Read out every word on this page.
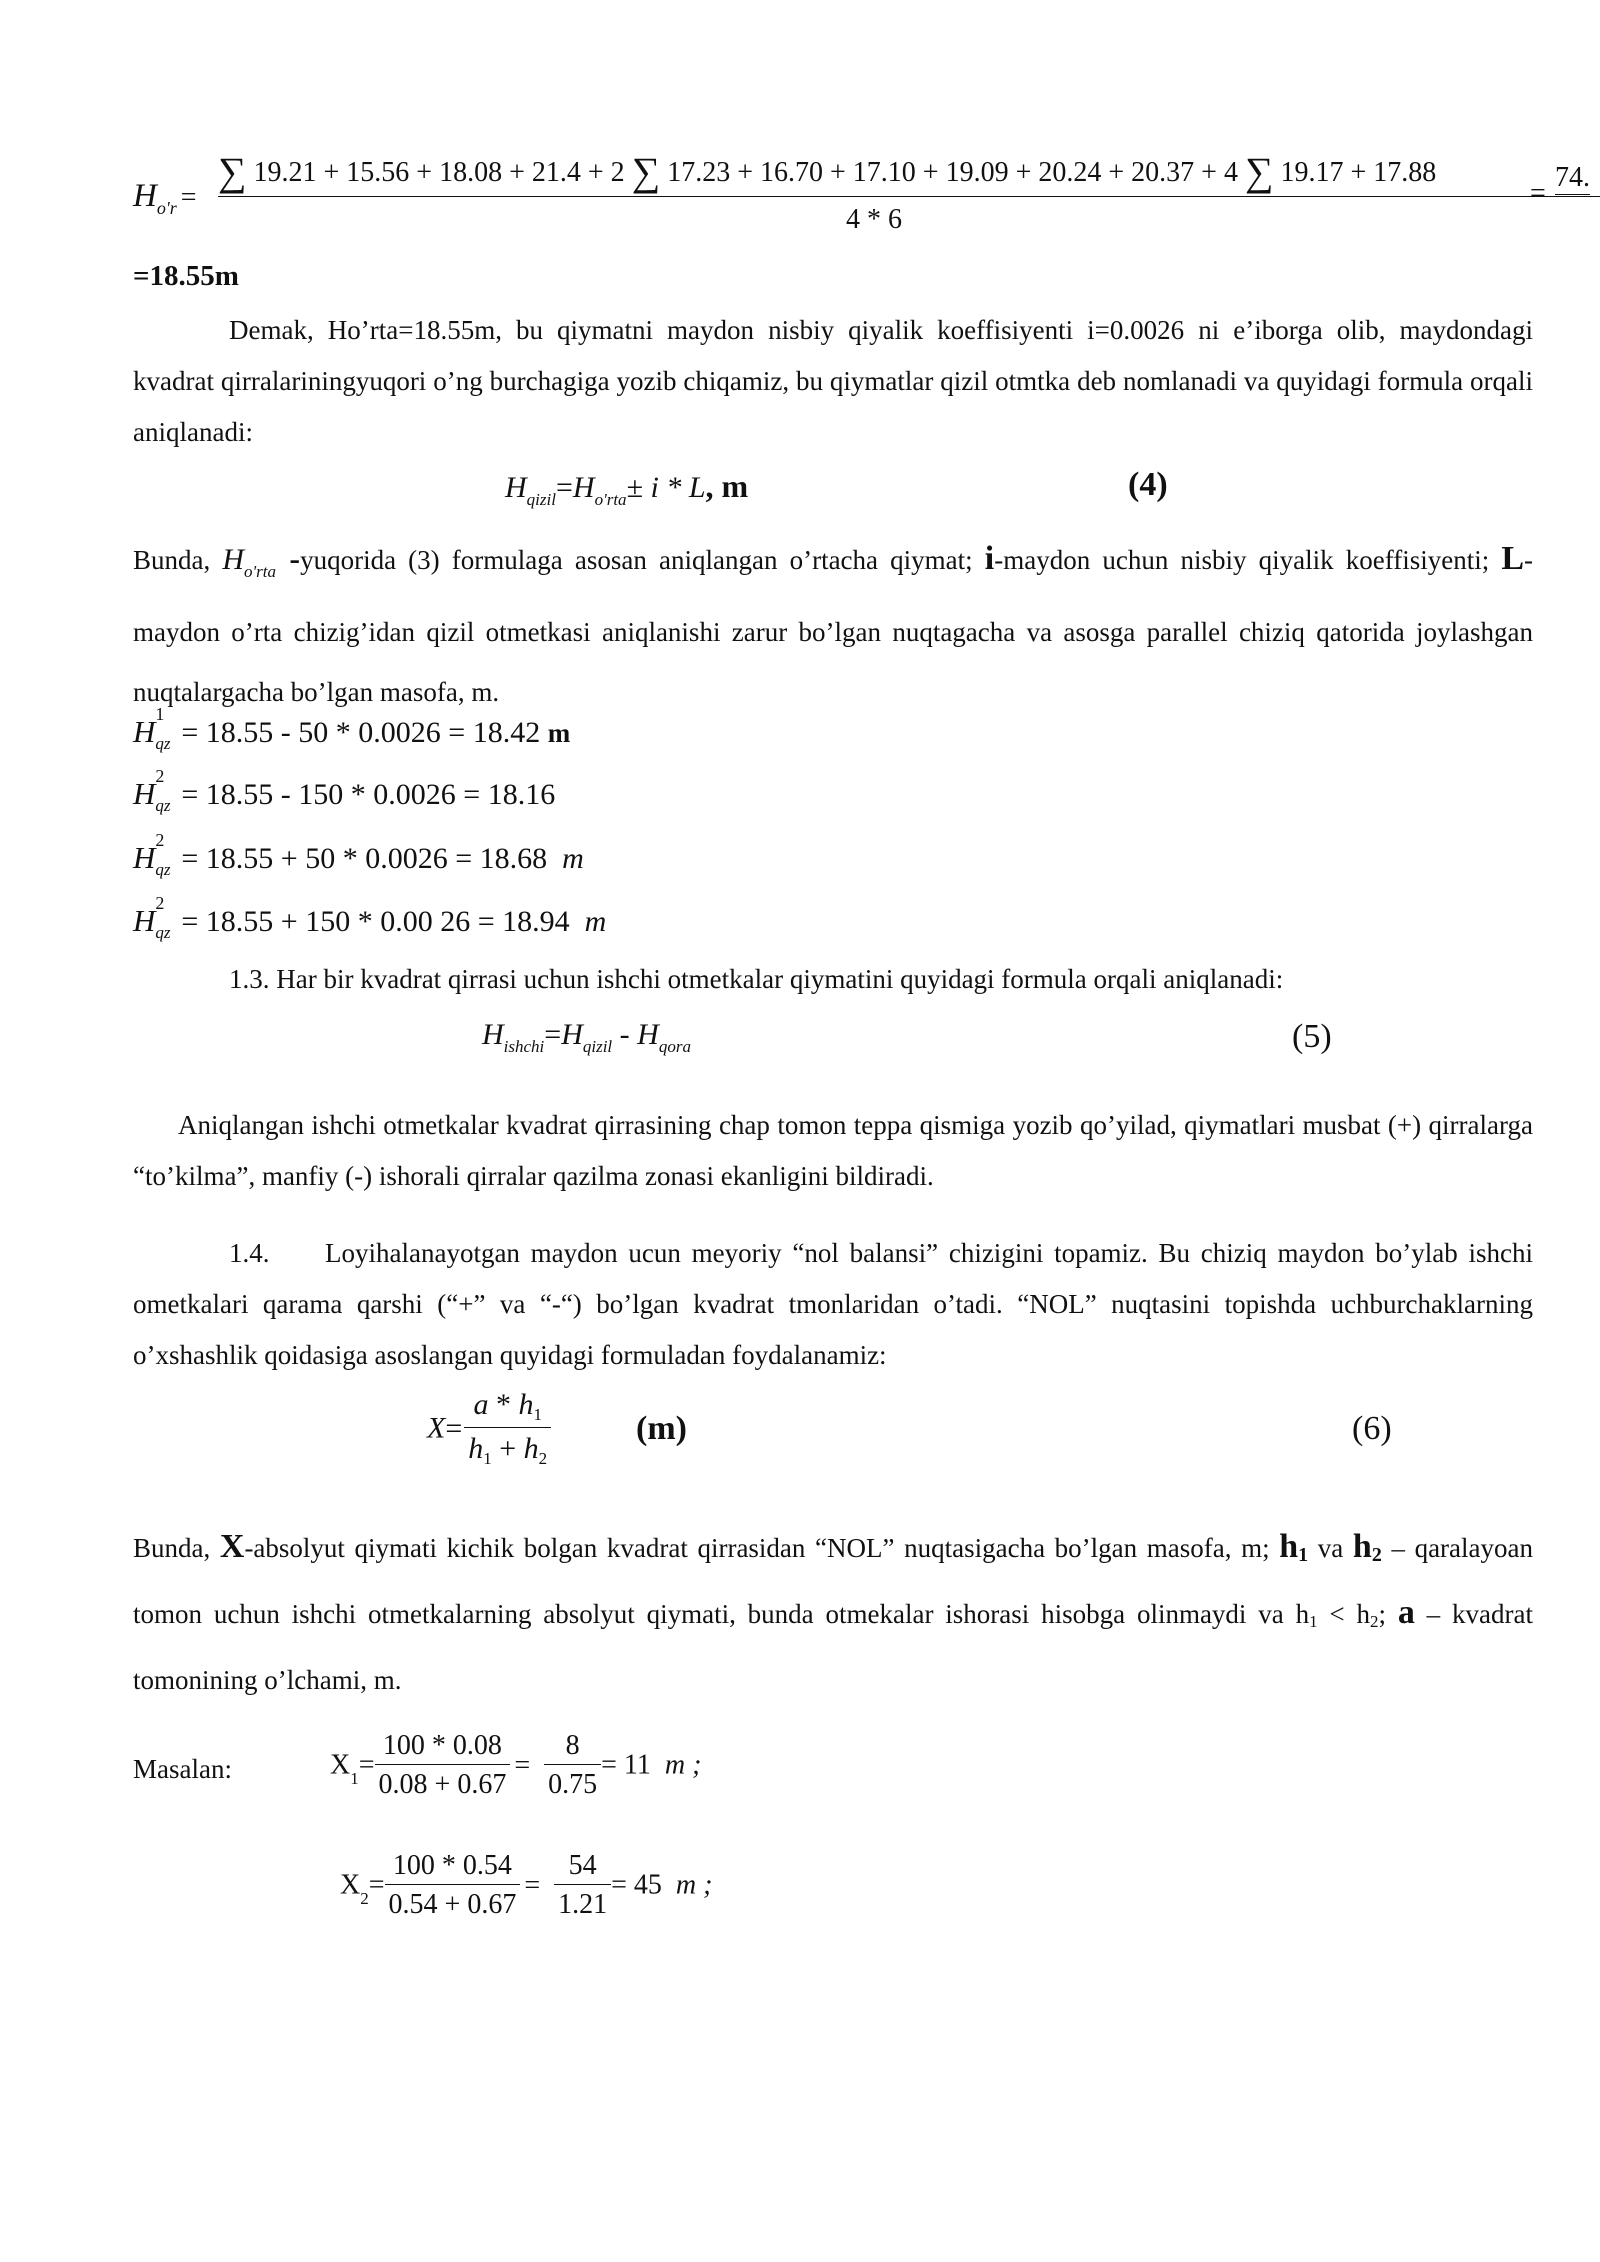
$H_{o'r}$ =
∑ 19.21 + 15.56 + 18.08 + 21.4 + 2 ∑ 17.23 + 16.70 + 17.10 + 19.09 + 20.24 + 20.37 + 4 ∑ 19.17 + 17.88
4 * 6
=
74.
=18.55m
Demak, Ho’rta=18.55m, bu qiymatni maydon nisbiy qiyalik koeffisiyenti i=0.0026 ni e’iborga olib, maydondagi kvadrat qirralariningyuqori o’ng burchagiga yozib chiqamiz, bu qiymatlar qizil otmtka deb nomlanadi va quyidagi formula orqali aniqlanadi:
$H_{qizil}=H_{o'rta}\pm i * L$, m	(4)
Bunda, $H_{o'rta}$ -yuqorida (3) formulaga asosan aniqlangan o’rtacha qiymat; i-maydon uchun nisbiy qiyalik koeffisiyenti; L-maydon o’rta chizig’idan qizil otmetkasi aniqlanishi zarur bo’lgan nuqtagacha va asosga parallel chiziq qatorida joylashgan nuqtalargacha bo’lgan masofa, m.
H 1
qz = 18.55 - 50 * 0.0026 = 18.42 m
H 2
qz = 18.55 - 150 * 0.0026 = 18.16
H 2
qz = 18.55 + 50 * 0.0026 = 18.68 m
H 2
qz = 18.55 + 150 * 0.00 26 = 18.94 m
1.3. Har bir kvadrat qirrasi uchun ishchi otmetkalar qiymatini quyidagi formula orqali aniqlanadi:
$H_{ishchi}=H_{qizil} - H_{qora}$	(5)
Aniqlangan ishchi otmetkalar kvadrat qirrasining chap tomon teppa qismiga yozib qo’yilad, qiymatlari musbat (+) qirralarga “to’kilma”, manfiy (-) ishorali qirralar qazilma zonasi ekanligini bildiradi.
1.4. Loyihalanayotgan maydon ucun meyoriy “nol balansi” chizigini topamiz. Bu chiziq maydon bo’ylab ishchi ometkalari qarama qarshi (“+” va “-“) bo’lgan kvadrat tmonlaridan o’tadi. “NOL” nuqtasini topishda uchburchaklarning o’xshashlik qoidasiga asoslangan quyidagi formuladan foydalanamiz:
$X= \frac{a * h_1}{h_1 + h_2} (m)$	(6)
Bunda, X-absolyut qiymati kichik bolgan kvadrat qirrasidan “NOL” nuqtasigacha bo’lgan masofa, m; h1 va h2 – qaralayoan tomon uchun ishchi otmetkalarning absolyut qiymati, bunda otmekalar ishorasi hisobga olinmaydi va h1 < h2; a – kvadrat tomonining o’lchami, m.
Masalan:	$X_1= \frac{100 * 0.08}{0.08 + 0.67} = \frac{8}{0.75} = 11$ m ;
$X_2= \frac{100 * 0.54}{0.54 + 0.67} = \frac{54}{1.21} = 45$ m ;
